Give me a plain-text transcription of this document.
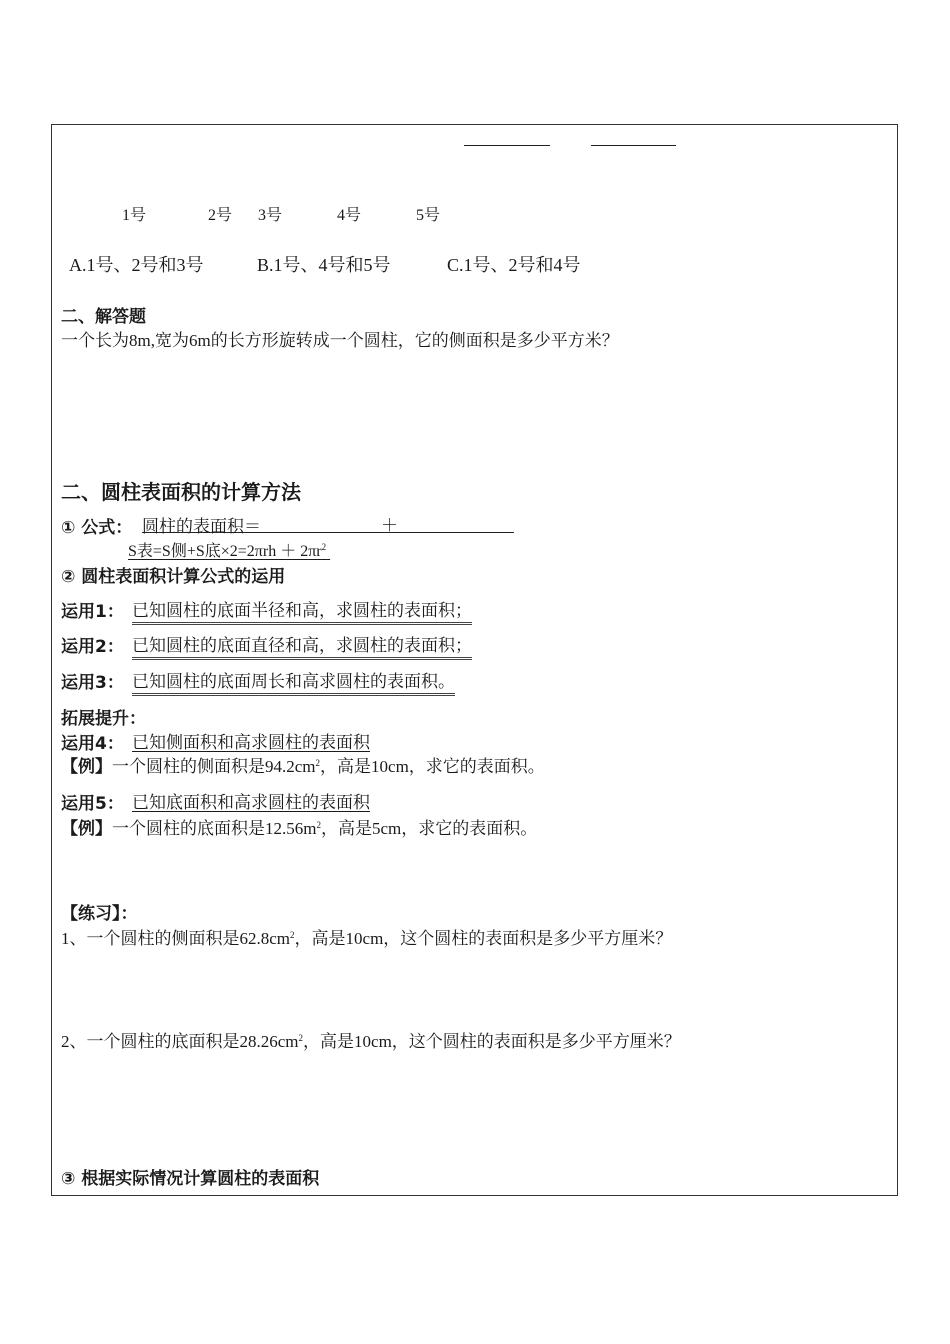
1号	2号 3号	4号	5号
A.1号、2号和3号	B.1号、4号和5号	C.1号、2号和4号
二、解答题
一个长为8m,宽为6m的长方形旋转成一个圆柱，它的侧面积是多少平方米？
二、圆柱表面积的计算方法
① 公式： 圆柱的表面积＝	＋
S表=S侧+S底$\times 2=2\pi rh + 2\pi r^2$
② 圆柱表面积计算公式的运用
运用1： 已知圆柱的底面半径和高，求圆柱的表面积；
运用2： 已知圆柱的底面直径和高，求圆柱的表面积；
运用3： 已知圆柱的底面周长和高求圆柱的表面积。
拓展提升：
运用4： 已知侧面积和高求圆柱的表面积
【例】一个圆柱的侧面积是$94.2cm^2$，高是10cm，求它的表面积。
运用5： 已知底面积和高求圆柱的表面积
【例】一个圆柱的底面积是$12.56m^2$，高是5cm，求它的表面积。
【练习】：
1、一个圆柱的侧面积是$62.8cm^2$，高是10cm，这个圆柱的表面积是多少平方厘米？
2、一个圆柱的底面积是$28.26cm^2$，高是10cm，这个圆柱的表面积是多少平方厘米？
③ 根据实际情况计算圆柱的表面积
